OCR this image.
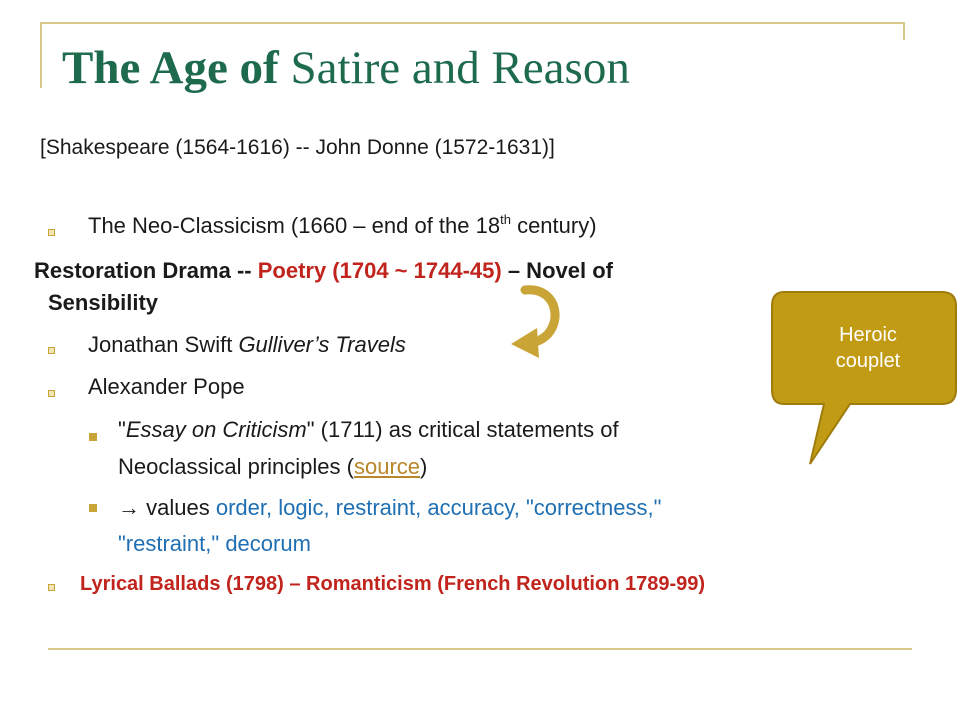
The Age of Satire and Reason
[Shakespeare (1564-1616) -- John Donne (1572-1631)]
The Neo-Classicism (1660 – end of the 18th century)
Restoration Drama -- Poetry (1704 ~ 1744-45) – Novel of
Sensibility
Jonathan Swift Gulliver’s Travels
Alexander Pope
"Essay on Criticism" (1711) as critical statements of
Neoclassical principles (source)
→ values order, logic, restraint, accuracy, "correctness,"
"restraint," decorum
Lyrical Ballads (1798) – Romanticism (French Revolution 1789-99)
Heroic
couplet
